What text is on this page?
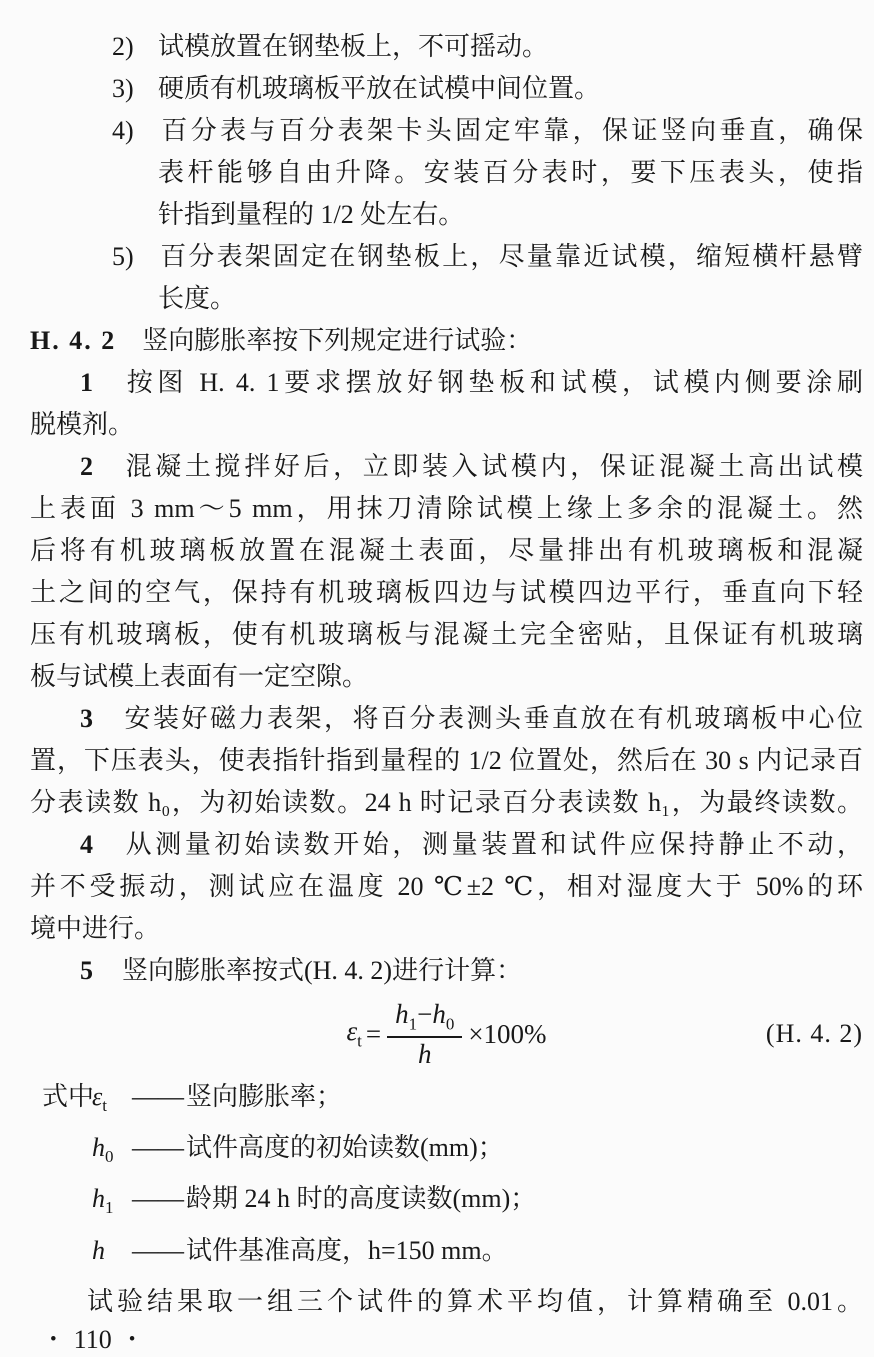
2) 试模放置在钢垫板上，不可摇动。
3) 硬质有机玻璃板平放在试模中间位置。
4) 百分表与百分表架卡头固定牢靠，保证竖向垂直，确保
表杆能够自由升降。安装百分表时，要下压表头，使指
针指到量程的 1/2 处左右。
5) 百分表架固定在钢垫板上，尽量靠近试模，缩短横杆悬臂
长度。
H. 4. 2 竖向膨胀率按下列规定进行试验：
1 按图 H. 4. 1要求摆放好钢垫板和试模，试模内侧要涂刷
脱模剂。
2 混凝土搅拌好后，立即装入试模内，保证混凝土高出试模
上表面 3 mm～5 mm，用抹刀清除试模上缘上多余的混凝土。然
后将有机玻璃板放置在混凝土表面，尽量排出有机玻璃板和混凝
土之间的空气，保持有机玻璃板四边与试模四边平行，垂直向下轻
压有机玻璃板，使有机玻璃板与混凝土完全密贴，且保证有机玻璃
板与试模上表面有一定空隙。
3 安装好磁力表架，将百分表测头垂直放在有机玻璃板中心位
置，下压表头，使表指针指到量程的 1/2 位置处，然后在 30 s 内记录百
分表读数 h₀，为初始读数。24 h 时记录百分表读数 h₁，为最终读数。
4 从测量初始读数开始，测量装置和试件应保持静止不动，
并不受振动，测试应在温度 20 ℃±2 ℃，相对湿度大于 50%的环
境中进行。
5 竖向膨胀率按式(H. 4. 2)进行计算：
$\varepsilon_t = \frac{h_1-h_0}{h} \times 100\%$	(H. 4. 2)
式中
$\varepsilon_t$ ——竖向膨胀率；
$h_0$ ——试件高度的初始读数(mm)；
$h_1$ ——龄期 24 h 时的高度读数(mm)；
h ——试件基准高度，h=150 mm。
试验结果取一组三个试件的算术平均值，计算精确至 0.01。
• 110 •
